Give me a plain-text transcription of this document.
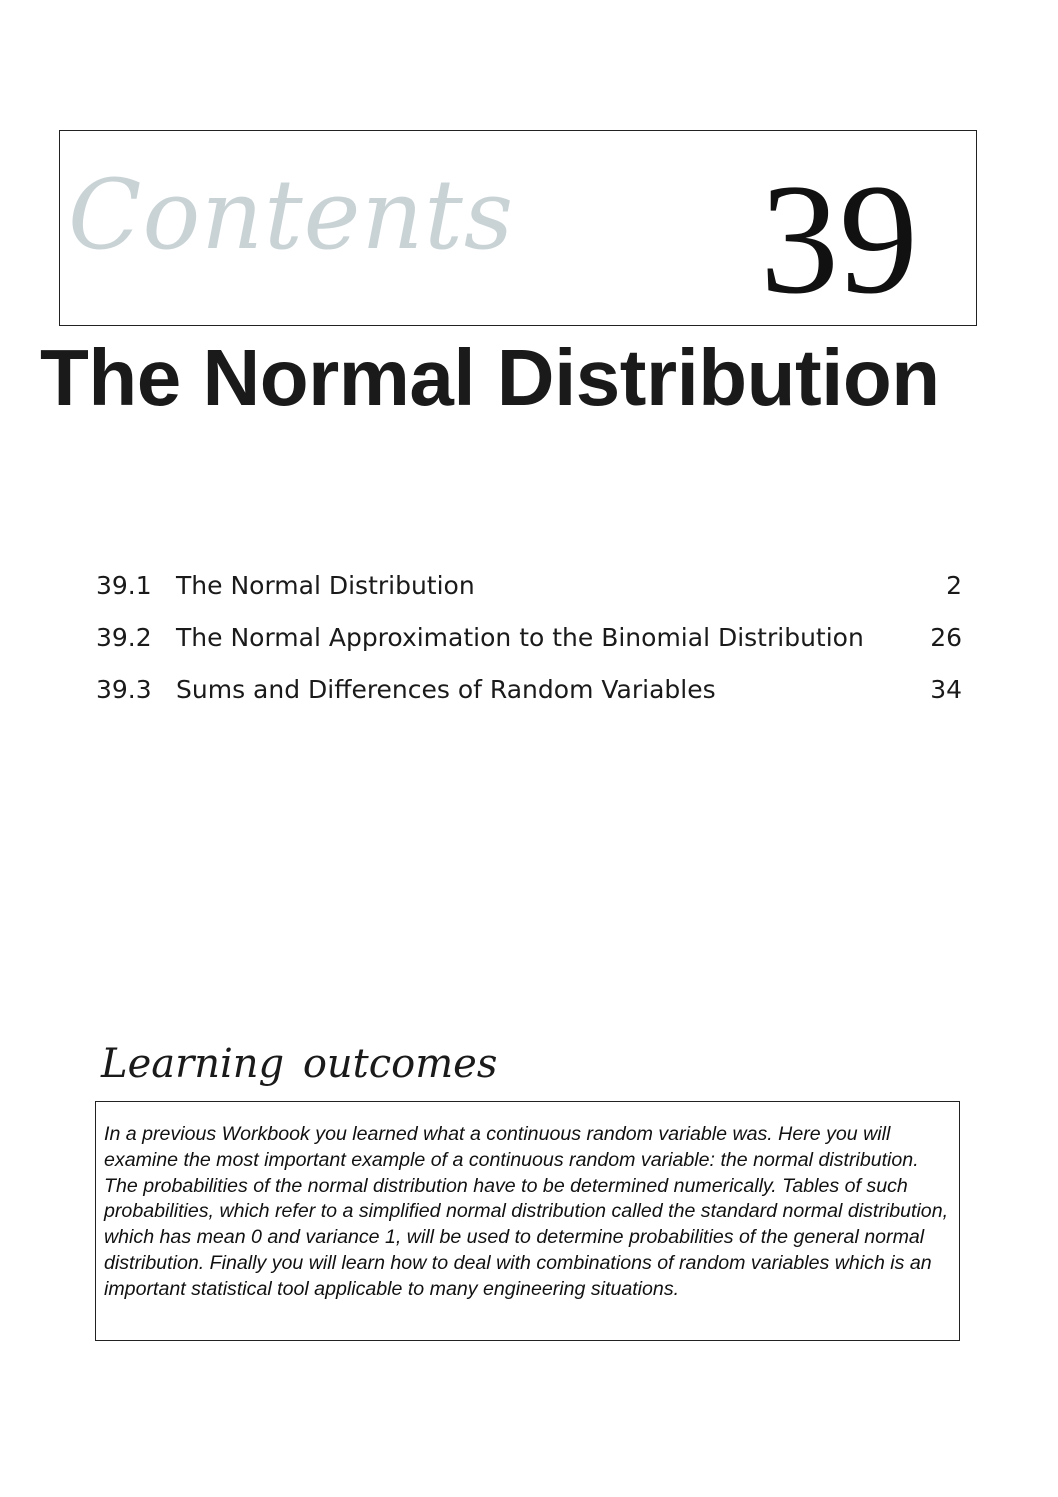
Contents 39
The Normal Distribution
39.1 The Normal Distribution	2
39.2 The Normal Approximation to the Binomial Distribution	26
39.3 Sums and Differences of Random Variables	34
Learning outcomes

In a previous Workbook you learned what a continuous random variable was. Here you will examine the most important example of a continuous random variable: the normal distribution. The probabilities of the normal distribution have to be determined numerically. Tables of such probabilities, which refer to a simplified normal distribution called the standard normal distribution, which has mean 0 and variance 1, will be used to determine probabilities of the general normal distribution. Finally you will learn how to deal with combinations of random variables which is an important statistical tool applicable to many engineering situations.
